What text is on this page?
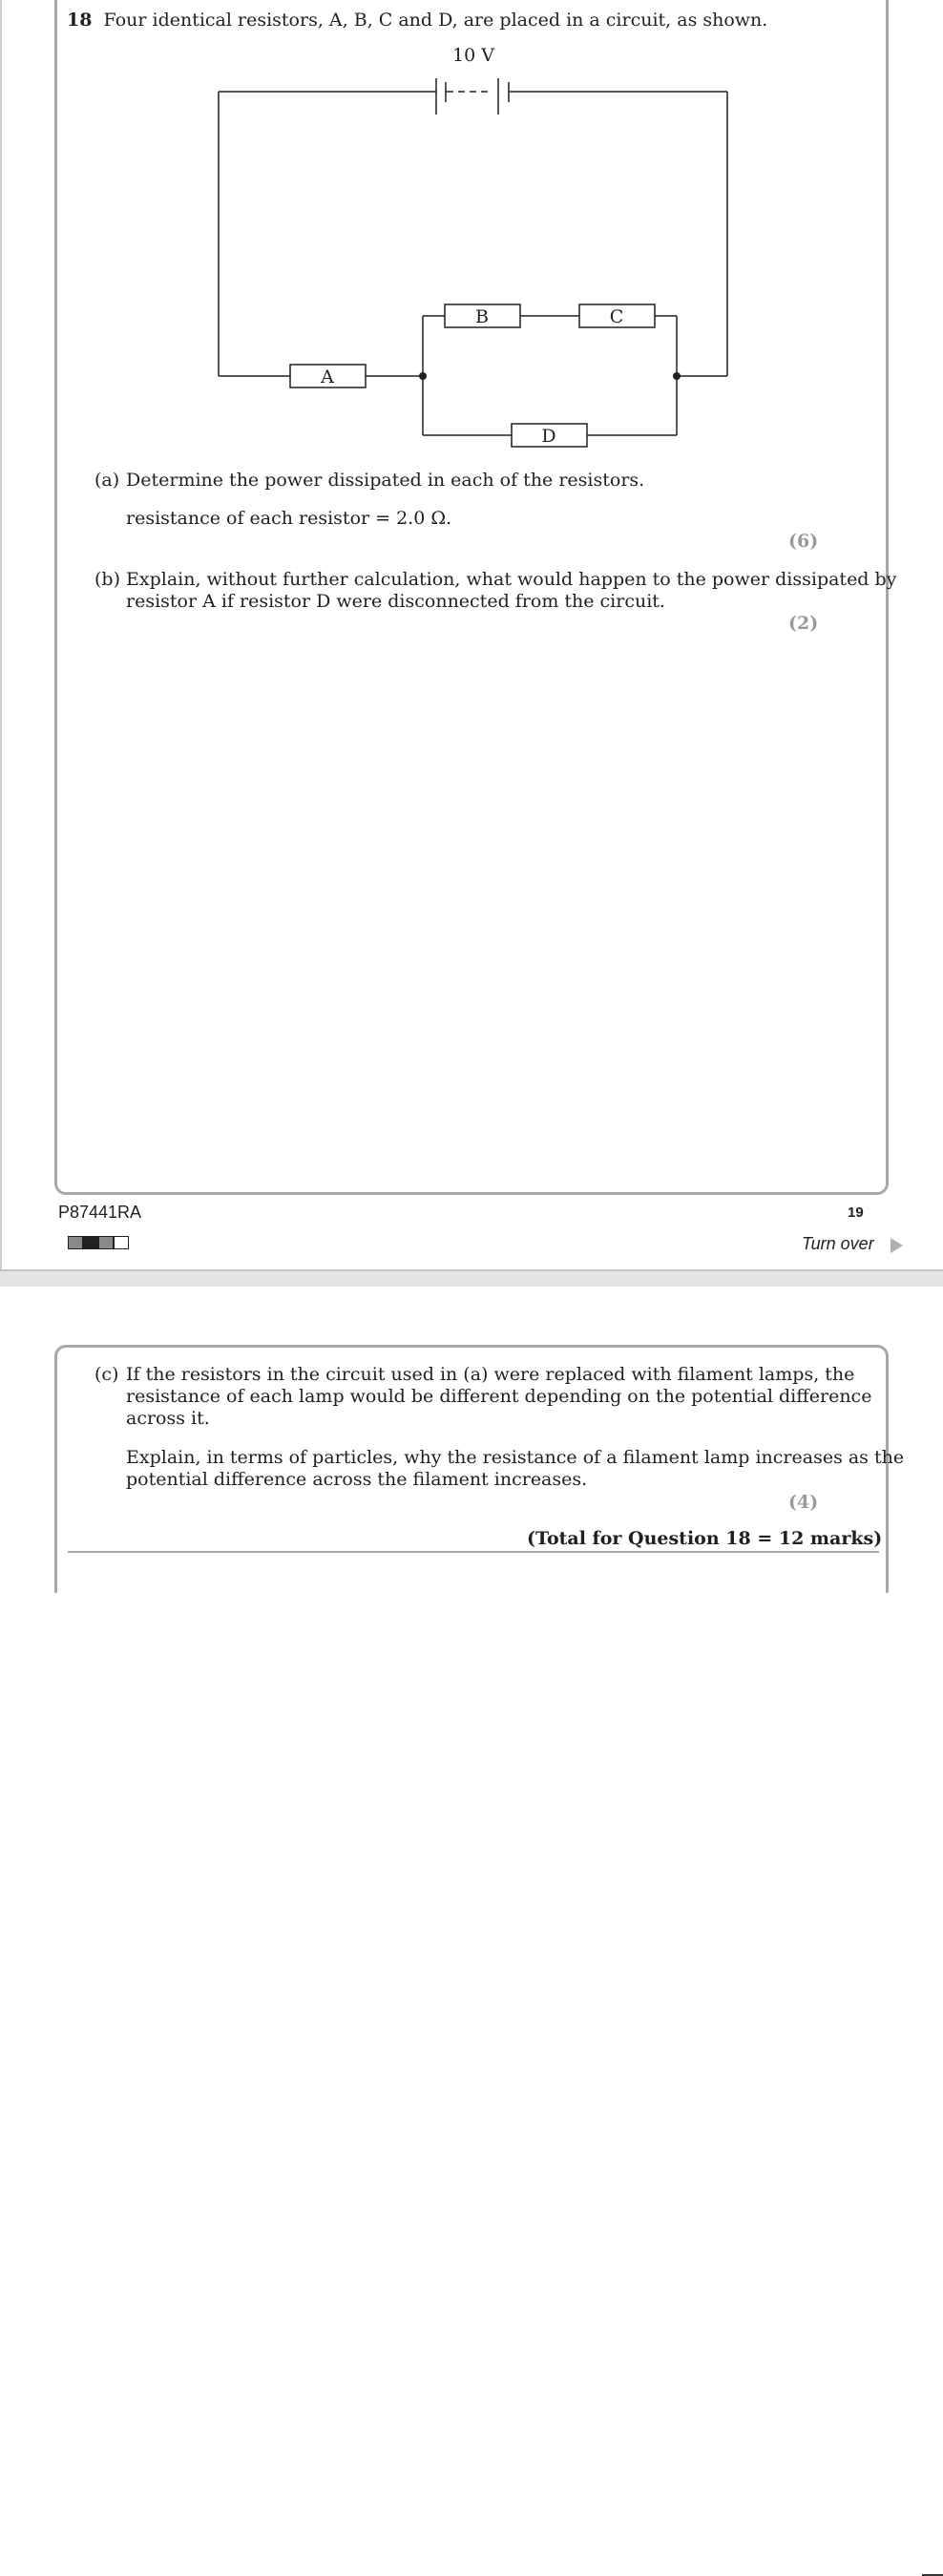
18 Four identical resistors, A, B, C and D, are placed in a circuit, as shown.
10 V
A
B	C
D
(a) Determine the power dissipated in each of the resistors.
resistance of each resistor = 2.0 Ω.
(6)
(b) Explain, without further calculation, what would happen to the power dissipated by
resistor A if resistor D were disconnected from the circuit.
(2)
P87441RA	19
Turn over
(c) If the resistors in the circuit used in (a) were replaced with filament lamps, the
resistance of each lamp would be different depending on the potential difference
across it.
Explain, in terms of particles, why the resistance of a filament lamp increases as the
potential difference across the filament increases.
(4)
(Total for Question 18 = 12 marks)
